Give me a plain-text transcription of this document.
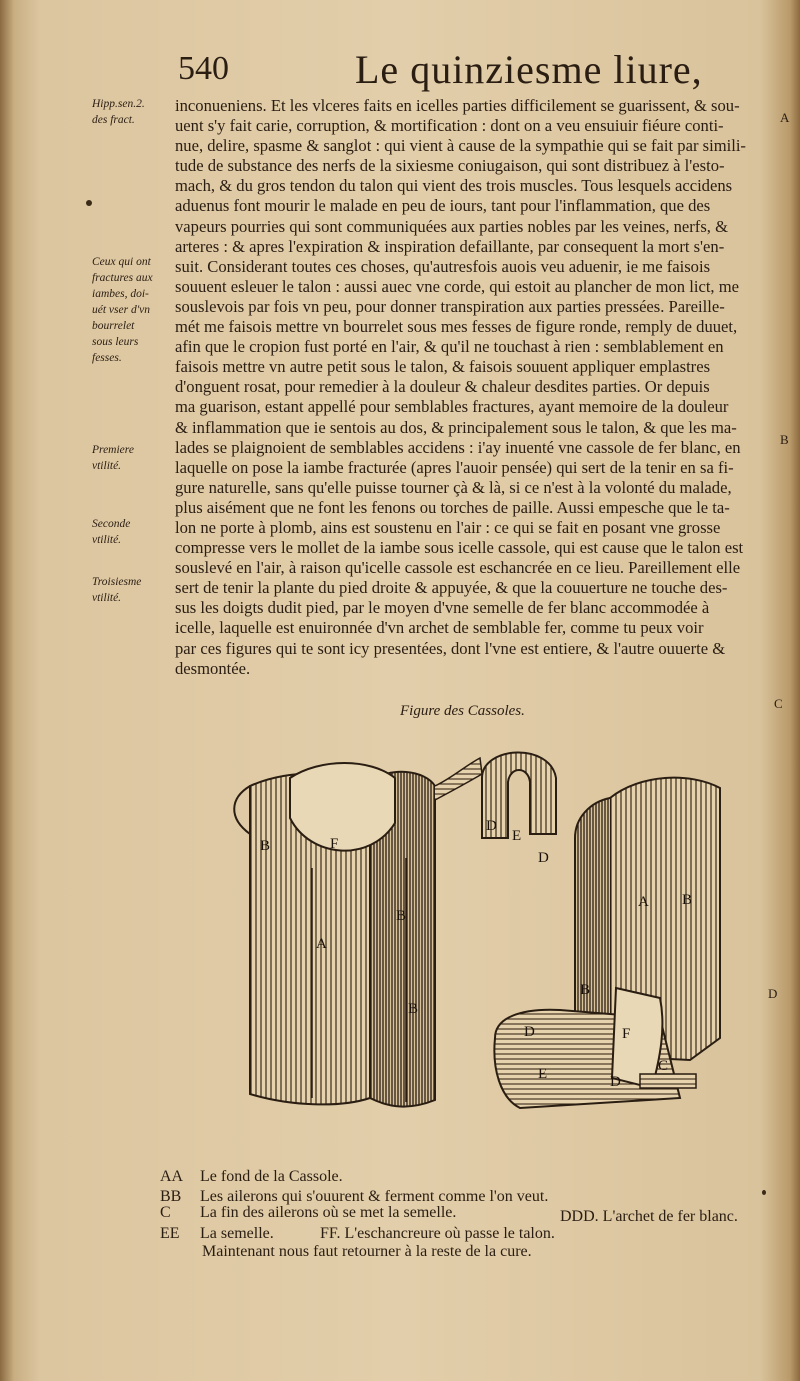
540	Le quinziesme liure,
Hipp.sen.2.
des fract.
Ceux qui ont
fractures aux
iambes, doi-
uét vser d'vn
bourrelet
sous leurs
fesses.
Premiere
vtilité.
Seconde
vtilité.
Troisiesme
vtilité.
A
B
C
D
inconueniens. Et les vlceres faits en icelles parties difficilement se guarissent, & sou-
uent s'y fait carie, corruption, & mortification : dont on a veu ensuiuir fiéure conti-
nue, delire, spasme & sanglot : qui vient à cause de la sympathie qui se fait par simili-
tude de substance des nerfs de la sixiesme coniugaison, qui sont distribuez à l'esto-
mach, & du gros tendon du talon qui vient des trois muscles. Tous lesquels accidens
aduenus font mourir le malade en peu de iours, tant pour l'inflammation, que des
vapeurs pourries qui sont communiquées aux parties nobles par les veines, nerfs, &
arteres : & apres l'expiration & inspiration defaillante, par consequent la mort s'en-
suit. Considerant toutes ces choses, qu'autresfois auois veu aduenir, ie me faisois
souuent esleuer le talon : aussi auec vne corde, qui estoit au plancher de mon lict, me
souslevois par fois vn peu, pour donner transpiration aux parties pressées. Pareille-
mét me faisois mettre vn bourrelet sous mes fesses de figure ronde, remply de duuet,
afin que le cropion fust porté en l'air, & qu'il ne touchast à rien : semblablement en
faisois mettre vn autre petit sous le talon, & faisois souuent appliquer emplastres
d'onguent rosat, pour remedier à la douleur & chaleur desdites parties. Or depuis
ma guarison, estant appellé pour semblables fractures, ayant memoire de la douleur
& inflammation que ie sentois au dos, & principalement sous le talon, & que les ma-
lades se plaignoient de semblables accidens : i'ay inuenté vne cassole de fer blanc, en
laquelle on pose la iambe fracturée (apres l'auoir pensée) qui sert de la tenir en sa fi-
gure naturelle, sans qu'elle puisse tourner çà & là, si ce n'est à la volonté du malade,
plus aisément que ne font les fenons ou torches de paille. Aussi empesche que le ta-
lon ne porte à plomb, ains est soustenu en l'air : ce qui se fait en posant vne grosse
compresse vers le mollet de la iambe sous icelle cassole, qui est cause que le talon est
souslevé en l'air, à raison qu'icelle cassole est eschancrée en ce lieu. Pareillement elle
sert de tenir la plante du pied droite & appuyée, & que la couuerture ne touche des-
sus les doigts dudit pied, par le moyen d'vne semelle de fer blanc accommodée à
icelle, laquelle est enuironnée d'vn archet de semblable fer, comme tu peux voir
par ces figures qui te sont icy presentées, dont l'vne est entiere, & l'autre ouuerte &
desmontée.
Figure des Cassoles.
A
B
B
F
B
D
E
D
A B
B
F
C
D
E
D
AA Le fond de la Cassole.
BB Les ailerons qui s'ouurent & ferment comme l'on veut.
C La fin des ailerons où se met la semelle.	DDD. L'archet de fer blanc.
EE La semelle.	FF. L'eschancreure où passe le talon.
Maintenant nous faut retourner à la reste de la cure.
